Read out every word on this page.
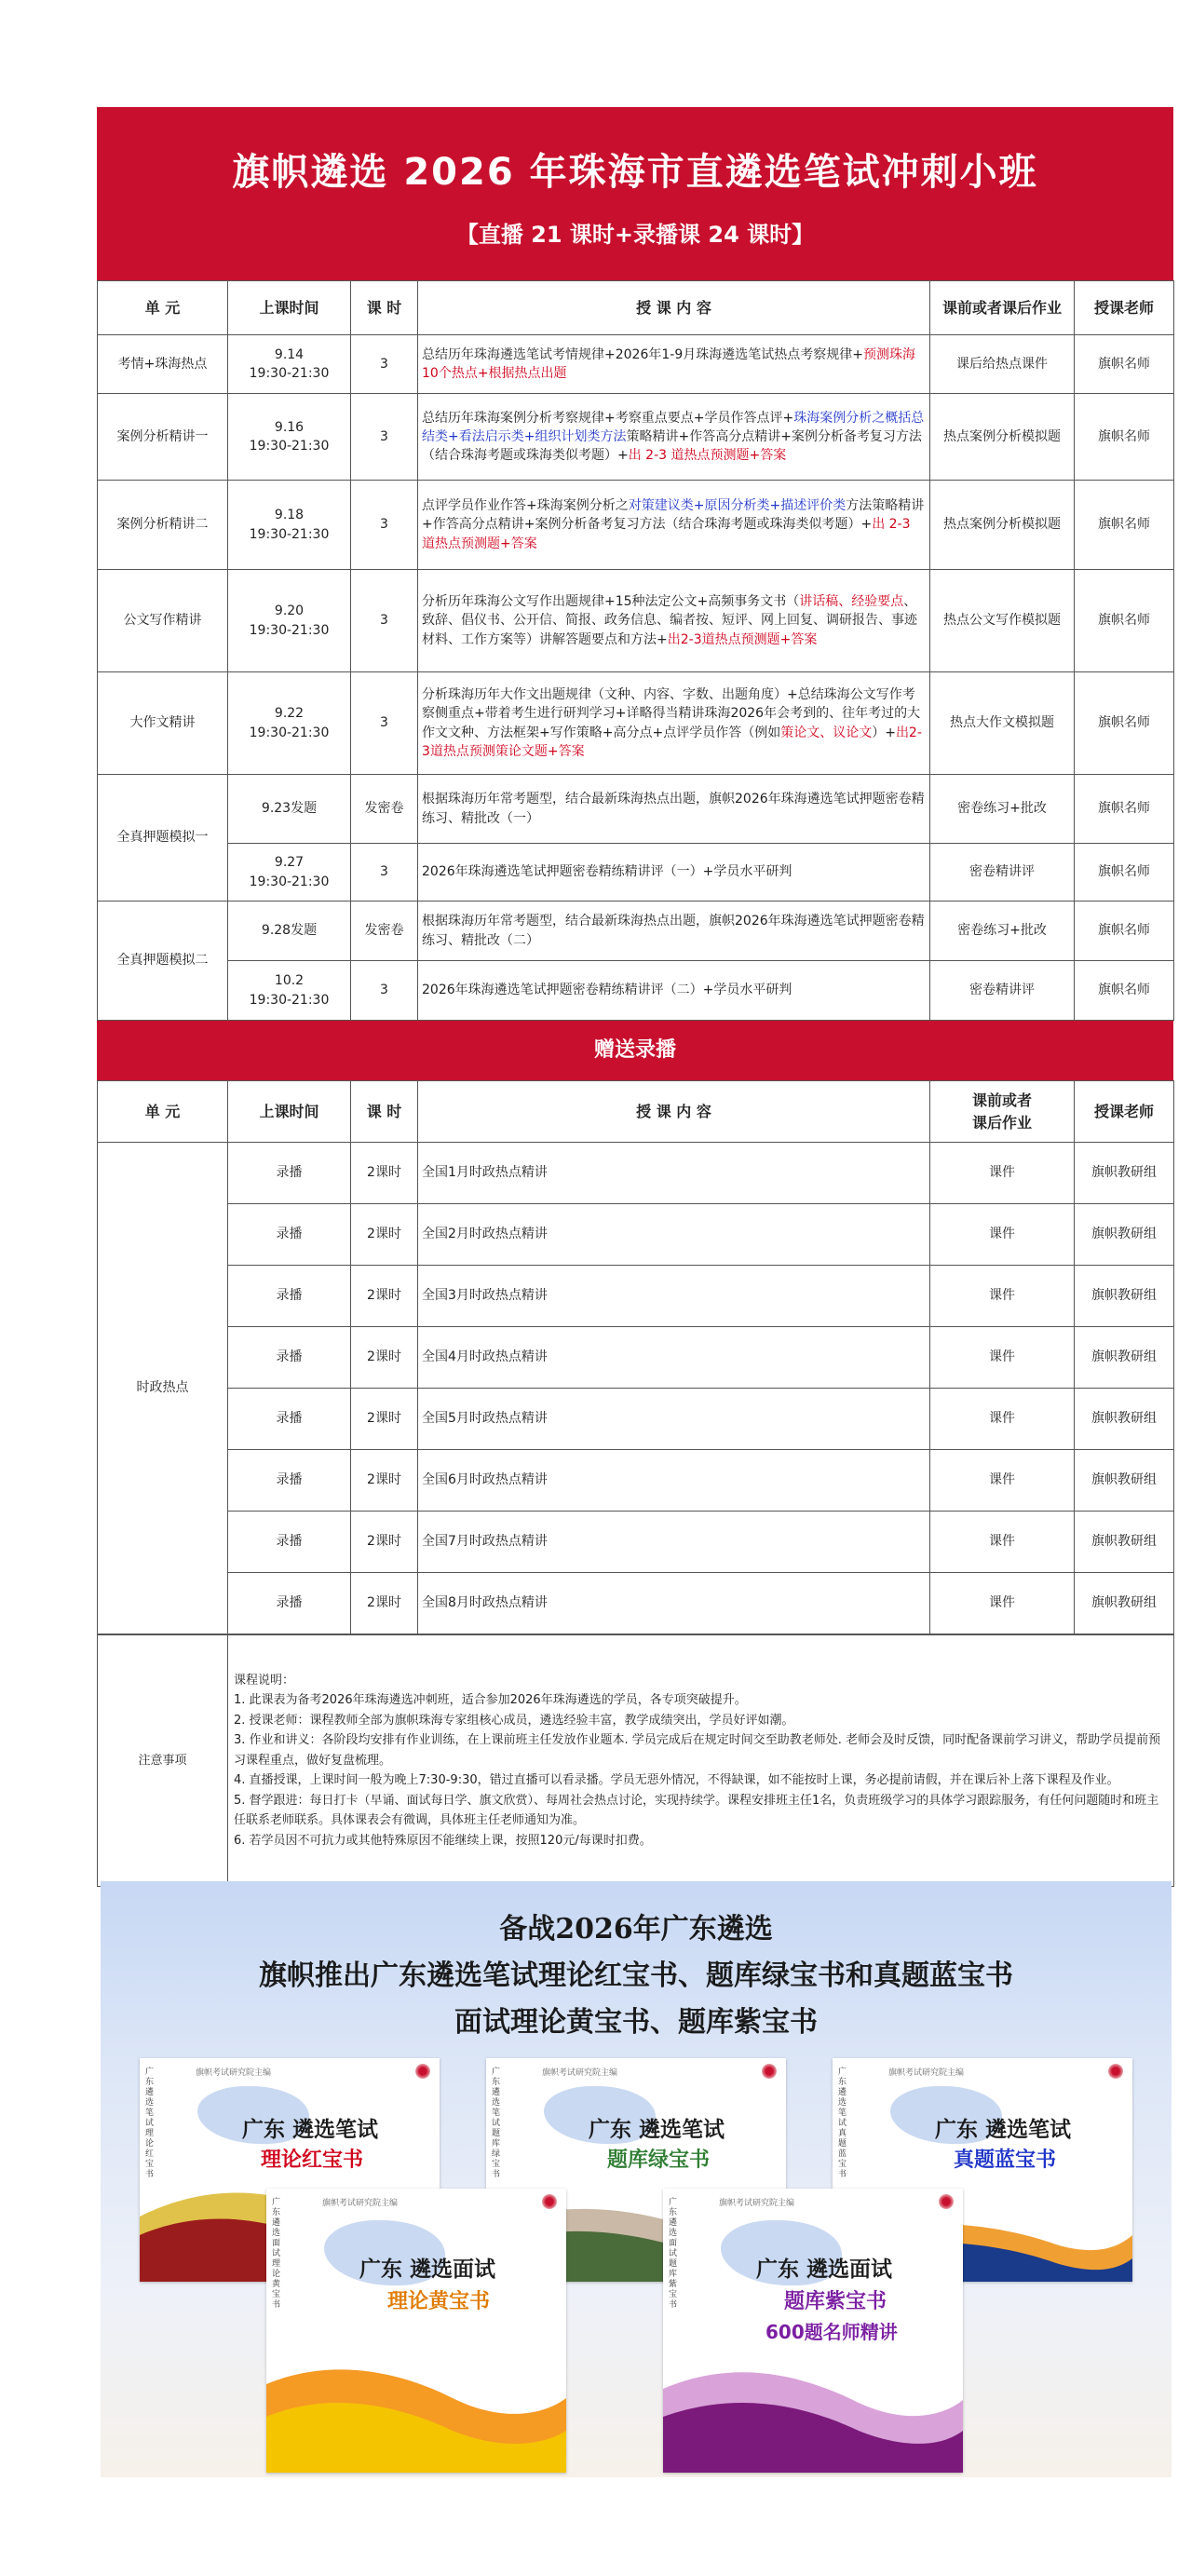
旗帜遴选 2026 年珠海市直遴选笔试冲刺小班
【直播 21 课时+录播课 24 课时】
单 元	上课时间	课 时	授 课 内 容	课前或者课后作业	授课老师
考情+珠海热点	9.14
19:30-21:30	3	总结历年珠海遴选笔试考情规律+2026年1-9月珠海遴选笔试热点考察规律+预测珠海10个热点+根据热点出题	课后给热点课件	旗帜名师
案例分析精讲一	9.16
19:30-21:30	3	总结历年珠海案例分析考察规律+考察重点要点+学员作答点评+珠海案例分析之概括总结类+看法启示类+组织计划类方法策略精讲+作答高分点精讲+案例分析备考复习方法（结合珠海考题或珠海类似考题）+出 2-3 道热点预测题+答案	热点案例分析模拟题	旗帜名师
案例分析精讲二	9.18
19:30-21:30	3	点评学员作业作答+珠海案例分析之对策建议类+原因分析类+描述评价类方法策略精讲+作答高分点精讲+案例分析备考复习方法（结合珠海考题或珠海类似考题）+出 2-3 道热点预测题+答案	热点案例分析模拟题	旗帜名师
公文写作精讲	9.20
19:30-21:30	3	分析历年珠海公文写作出题规律+15种法定公文+高频事务文书（讲话稿、经验要点、致辞、倡仪书、公开信、简报、政务信息、编者按、短评、网上回复、调研报告、事迹材料、工作方案等）讲解答题要点和方法+出2-3道热点预测题+答案	热点公文写作模拟题	旗帜名师
大作文精讲	9.22
19:30-21:30	3	分析珠海历年大作文出题规律（文种、内容、字数、出题角度）+总结珠海公文写作考察侧重点+带着考生进行研判学习+详略得当精讲珠海2026年会考到的、往年考过的大作文文种、方法框架+写作策略+高分点+点评学员作答（例如策论文、议论文）+出2-3道热点预测策论文题+答案	热点大作文模拟题	旗帜名师
全真押题模拟一	9.23发题	发密卷	根据珠海历年常考题型，结合最新珠海热点出题，旗帜2026年珠海遴选笔试押题密卷精练习、精批改（一）	密卷练习+批改	旗帜名师
	9.27
19:30-21:30	3	2026年珠海遴选笔试押题密卷精练精讲评（一）+学员水平研判	密卷精讲评	旗帜名师
全真押题模拟二	9.28发题	发密卷	根据珠海历年常考题型，结合最新珠海热点出题，旗帜2026年珠海遴选笔试押题密卷精练习、精批改（二）	密卷练习+批改	旗帜名师
	10.2
19:30-21:30	3	2026年珠海遴选笔试押题密卷精练精讲评（二）+学员水平研判	密卷精讲评	旗帜名师
赠送录播
单 元	上课时间	课 时	授 课 内 容	课前或者
课后作业	授课老师
时政热点	录播	2课时	全国1月时政热点精讲	课件	旗帜教研组
	录播	2课时	全国2月时政热点精讲	课件	旗帜教研组
	录播	2课时	全国3月时政热点精讲	课件	旗帜教研组
	录播	2课时	全国4月时政热点精讲	课件	旗帜教研组
	录播	2课时	全国5月时政热点精讲	课件	旗帜教研组
	录播	2课时	全国6月时政热点精讲	课件	旗帜教研组
	录播	2课时	全国7月时政热点精讲	课件	旗帜教研组
	录播	2课时	全国8月时政热点精讲	课件	旗帜教研组
注意事项	
课程说明：
1. 此课表为备考2026年珠海遴选冲刺班，适合参加2026年珠海遴选的学员，各专项突破提升。
2. 授课老师：课程教师全部为旗帜珠海专家组核心成员，遴选经验丰富，教学成绩突出，学员好评如潮。
3. 作业和讲义：各阶段均安排有作业训练，在上课前班主任发放作业题本. 学员完成后在规定时间交至助教老师处. 老师会及时反馈，同时配备课前学习讲义，帮助学员提前预习课程重点，做好复盘梳理。
4. 直播授课，上课时间一般为晚上7:30-9:30，错过直播可以看录播。学员无惡外情况，不得缺课，如不能按时上课，务必提前请假，并在课后补上落下课程及作业。
5. 督学跟进：每日打卡（早诵、面试每日学、旗文欣赏）、每周社会热点讨论，实现持续学。课程安排班主任1名，负责班级学习的具体学习跟踪服务，有任何问题随时和班主任联系老师联系。具体课表会有微调，具体班主任老师通知为准。
6. 若学员因不可抗力或其他特殊原因不能继续上课，按照120元/每课时扣费。
备战2026年广东遴选
旗帜推出广东遴选笔试理论红宝书、题库绿宝书和真题蓝宝书
面试理论黄宝书、题库紫宝书
广东遴选笔试理论红宝书
旗帜考试研究院主编
广东 遴选笔试
理论红宝书
广东遴选笔试题库绿宝书
旗帜考试研究院主编
广东 遴选笔试
题库绿宝书
广东遴选笔试真题蓝宝书
旗帜考试研究院主编
广东 遴选笔试
真题蓝宝书
广东遴选面试理论黄宝书
旗帜考试研究院主编
广东 遴选面试
理论黄宝书
广东遴选面试题库紫宝书
旗帜考试研究院主编
广东 遴选面试
题库紫宝书
600题名师精讲
